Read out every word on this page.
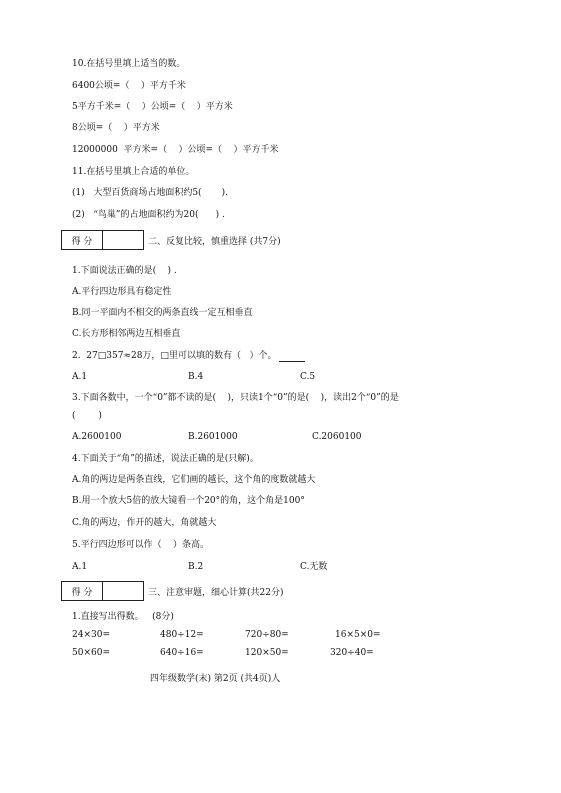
10.在括号里填上适当的数。
6400公顷=（    ）平方千米
5平方千米=（    ）公顷=（    ）平方米
8公顷=（    ）平方米
12000000  平方米=（    ）公顷=（    ）平方千米
11.在括号里填上合适的单位。
(1)   大型百货商场占地面积约5(       ).
(2)   “鸟巢”的占地面积约为20(      ) .
得 分	二、反复比较，慎重选择 (共7分)
1.下面说法正确的是(    ) .
A.平行四边形具有稳定性
B.同一平面内不相交的两条直线一定互相垂直
C.长方形相邻两边互相垂直
2.  27□357≈28万，□里可以填的数有（   ）个。
A.1	B.4	C.5
3.下面各数中，一个“0”都不读的是(    )，只读1个“0”的是(    )，读出2个“0”的是
(        )
A.2600100	B.2601000	C.2060100
4.下面关于“角”的描述，说法正确的是(只解)。
A.角的两边是两条直线，它们画的越长，这个角的度数就越大
B.用一个放大5倍的放大镜看一个20°的角，这个角是100°
C.角的两边，作开的越大，角就越大
5.平行四边形可以作（    ）条高。
A.1	B.2	C.无数
得 分	三、注意审题，细心计算(共22分)
1.直接写出得数。   (8分)
24×30=	480÷12=	720÷80=	16×5×0=
50×60=	640÷16=	120×50=	320÷40=
四年级数学(末) 第2页 (共4页)人
